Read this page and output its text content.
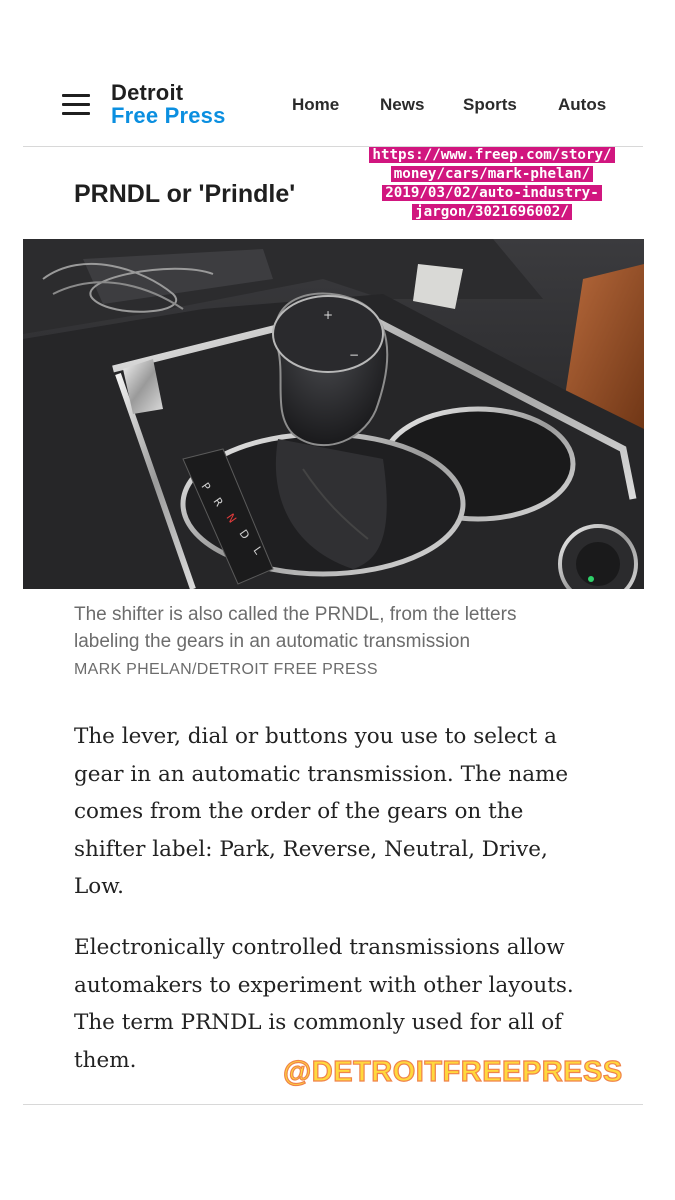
Detroit
Free Press	Home News Sports Autos
PRNDL or 'Prindle'
https://www.freep.com/story/
money/cars/mark-phelan/
2019/03/02/auto-industry-
jargon/3021696002/
+
−
P
R
N
D
L
The shifter is also called the PRNDL, from the letters
labeling the gears in an automatic transmission
MARK PHELAN/DETROIT FREE PRESS
The lever, dial or buttons you use to select a
gear in an automatic transmission. The name
comes from the order of the gears on the
shifter label: Park, Reverse, Neutral, Drive,
Low.
Electronically controlled transmissions allow
automakers to experiment with other layouts.
The term PRNDL is commonly used for all of
them.	@DETROITFREEPRESS
